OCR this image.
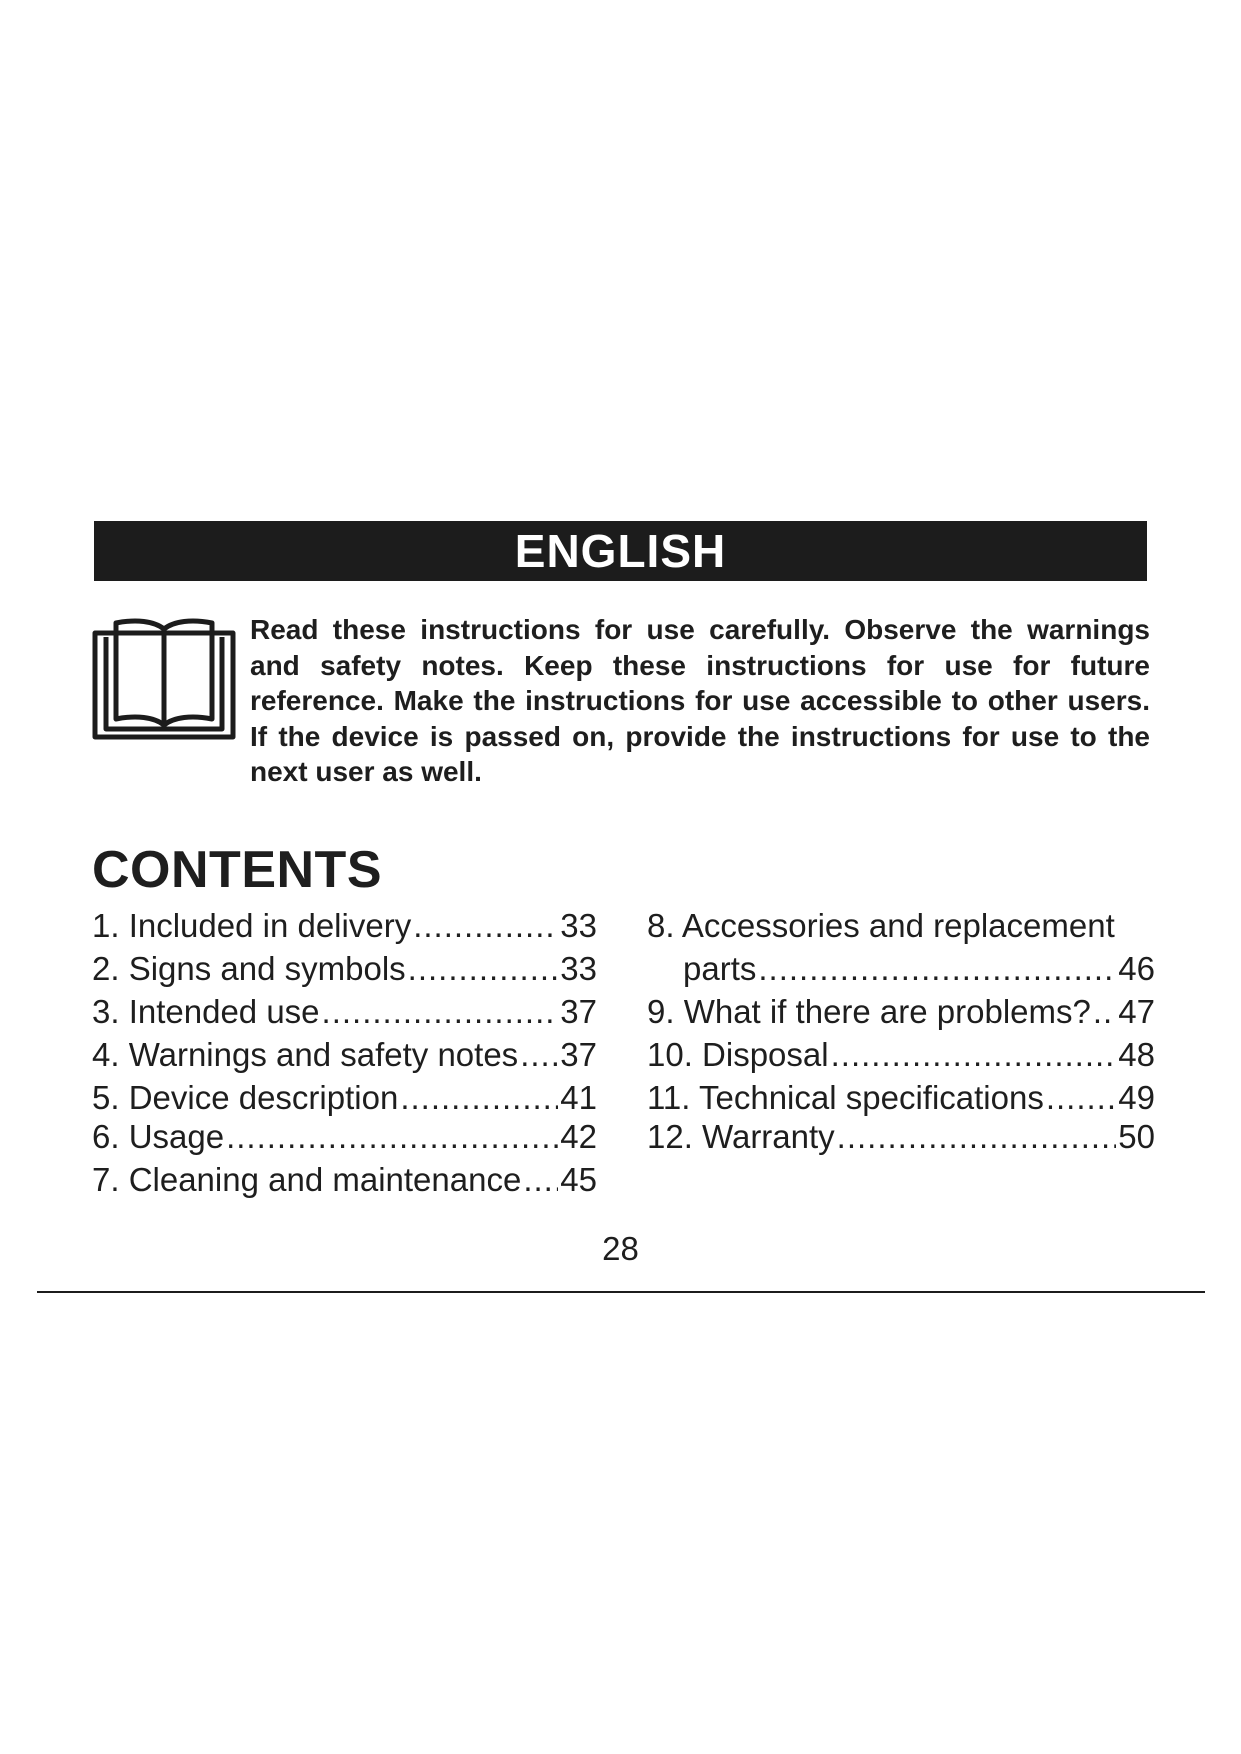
ENGLISH

Read these instructions for use carefully. Observe the warnings and safety notes. Keep these instructions for use for future reference. Make the instructions for use accessible to other users. If the device is passed on, provide the instructions for use to the next user as well.

CONTENTS
1. Included in delivery .....	33
2. Signs and symbols .....	33
3. Intended use .....	37
4. Warnings and safety notes ..... 37
5. Device description .....	41
6. Usage .....	42
7. Cleaning and maintenance ..... 45
8. Accessories and replacement
parts .....	46
9. What if there are problems? ..... 47
10. Disposal .....	48
11. Technical specifications ..... 49
12. Warranty .....	50
28
